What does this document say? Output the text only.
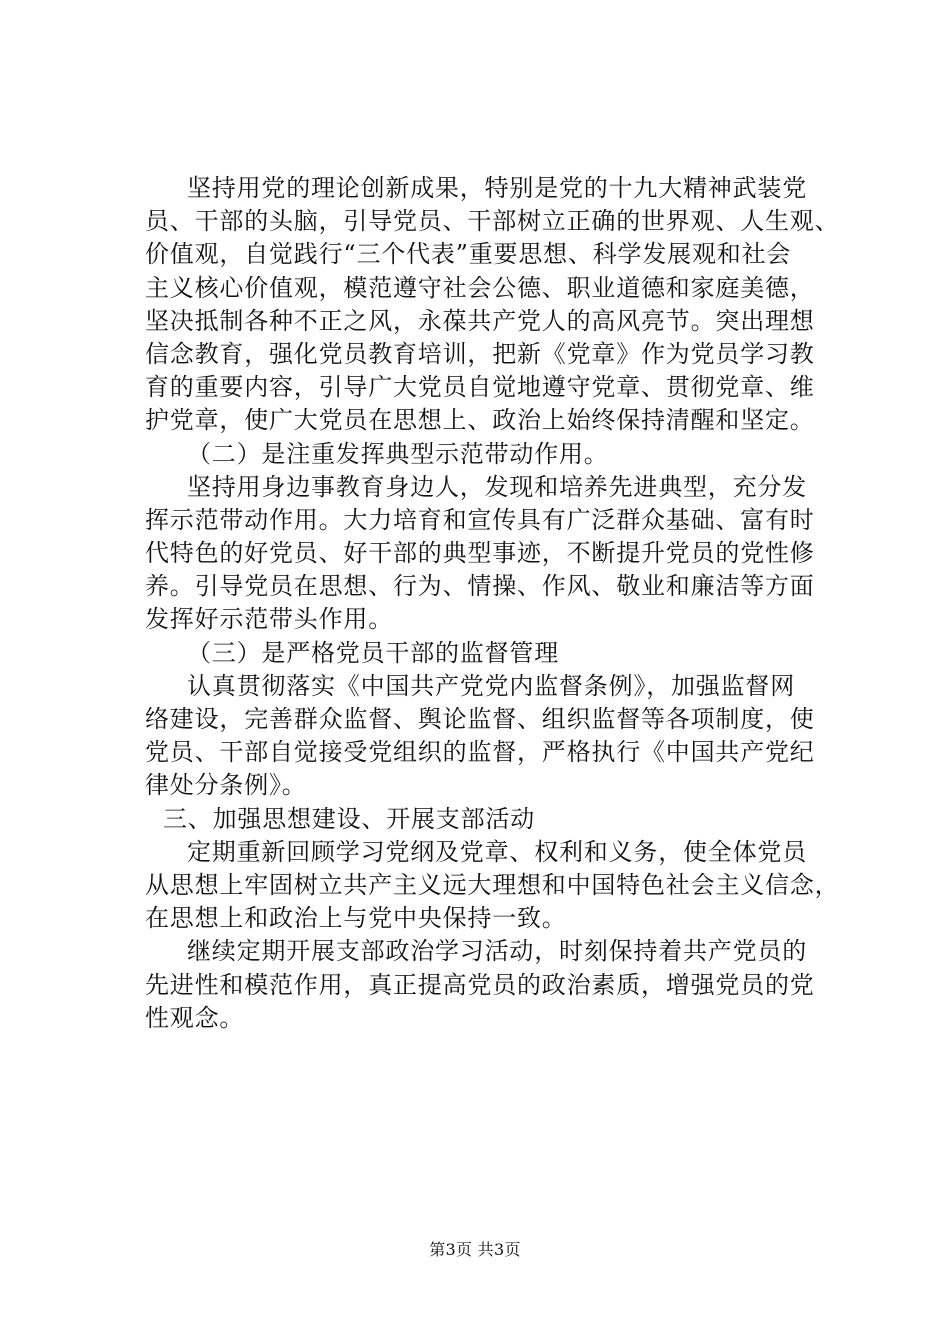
坚持用党的理论创新成果，特别是党的十九大精神武装党
员、干部的头脑，引导党员、干部树立正确的世界观、人生观、
价值观，自觉践行“三个代表”重要思想、科学发展观和社会
主义核心价值观，模范遵守社会公德、职业道德和家庭美德，
坚决抵制各种不正之风，永葆共产党人的高风亮节。突出理想
信念教育，强化党员教育培训，把新《党章》作为党员学习教
育的重要内容，引导广大党员自觉地遵守党章、贯彻党章、维
护党章，使广大党员在思想上、政治上始终保持清醒和坚定。
（二）是注重发挥典型示范带动作用。
坚持用身边事教育身边人，发现和培养先进典型，充分发
挥示范带动作用。大力培育和宣传具有广泛群众基础、富有时
代特色的好党员、好干部的典型事迹，不断提升党员的党性修
养。引导党员在思想、行为、情操、作风、敬业和廉洁等方面
发挥好示范带头作用。
（三）是严格党员干部的监督管理
认真贯彻落实《中国共产党党内监督条例》，加强监督网
络建设，完善群众监督、舆论监督、组织监督等各项制度，使
党员、干部自觉接受党组织的监督，严格执行《中国共产党纪
律处分条例》。
三、加强思想建设、开展支部活动
定期重新回顾学习党纲及党章、权利和义务，使全体党员
从思想上牢固树立共产主义远大理想和中国特色社会主义信念，
在思想上和政治上与党中央保持一致。
继续定期开展支部政治学习活动，时刻保持着共产党员的
先进性和模范作用，真正提高党员的政治素质，增强党员的党
性观念。
第3页 共3页
